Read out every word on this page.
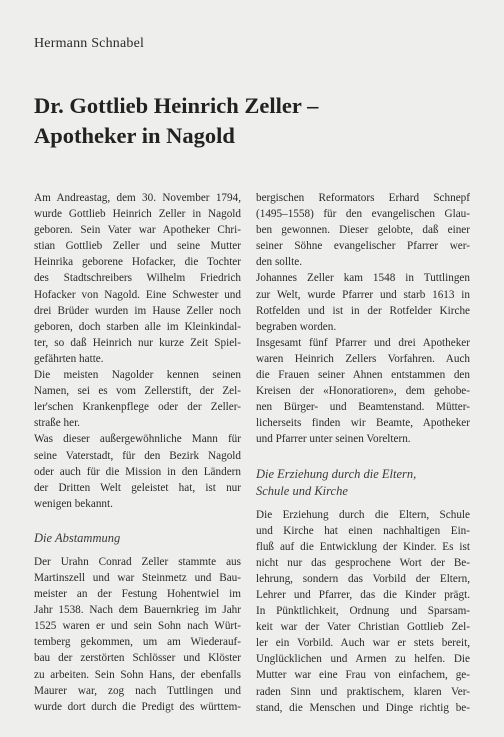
Hermann Schnabel
Dr. Gottlieb Heinrich Zeller –
Apotheker in Nagold
Am Andreastag, dem 30. November 1794,
wurde Gottlieb Heinrich Zeller in Nagold
geboren. Sein Vater war Apotheker Chri-
stian Gottlieb Zeller und seine Mutter
Heinrika geborene Hofacker, die Tochter
des Stadtschreibers Wilhelm Friedrich
Hofacker von Nagold. Eine Schwester und
drei Brüder wurden im Hause Zeller noch
geboren, doch starben alle im Kleinkindal-
ter, so daß Heinrich nur kurze Zeit Spiel-
gefährten hatte.
Die meisten Nagolder kennen seinen
Namen, sei es vom Zellerstift, der Zel-
ler'schen Krankenpflege oder der Zeller-
straße her.
Was dieser außergewöhnliche Mann für
seine Vaterstadt, für den Bezirk Nagold
oder auch für die Mission in den Ländern
der Dritten Welt geleistet hat, ist nur
wenigen bekannt.
Die Abstammung
Der Urahn Conrad Zeller stammte aus
Martinszell und war Steinmetz und Bau-
meister an der Festung Hohentwiel im
Jahr 1538. Nach dem Bauernkrieg im Jahr
1525 waren er und sein Sohn nach Würt-
temberg gekommen, um am Wiederauf-
bau der zerstörten Schlösser und Klöster
zu arbeiten. Sein Sohn Hans, der ebenfalls
Maurer war, zog nach Tuttlingen und
wurde dort durch die Predigt des württem-
bergischen Reformators Erhard Schnepf
(1495–1558) für den evangelischen Glau-
ben gewonnen. Dieser gelobte, daß einer
seiner Söhne evangelischer Pfarrer wer-
den sollte.
Johannes Zeller kam 1548 in Tuttlingen
zur Welt, wurde Pfarrer und starb 1613 in
Rotfelden und ist in der Rotfelder Kirche
begraben worden.
Insgesamt fünf Pfarrer und drei Apotheker
waren Heinrich Zellers Vorfahren. Auch
die Frauen seiner Ahnen entstammen den
Kreisen der «Honoratioren», dem gehobe-
nen Bürger- und Beamtenstand. Mütter-
licherseits finden wir Beamte, Apotheker
und Pfarrer unter seinen Voreltern.
Die Erziehung durch die Eltern,
Schule und Kirche
Die Erziehung durch die Eltern, Schule
und Kirche hat einen nachhaltigen Ein-
fluß auf die Entwicklung der Kinder. Es ist
nicht nur das gesprochene Wort der Be-
lehrung, sondern das Vorbild der Eltern,
Lehrer und Pfarrer, das die Kinder prägt.
In Pünktlichkeit, Ordnung und Sparsam-
keit war der Vater Christian Gottlieb Zel-
ler ein Vorbild. Auch war er stets bereit,
Unglücklichen und Armen zu helfen. Die
Mutter war eine Frau von einfachem, ge-
raden Sinn und praktischem, klaren Ver-
stand, die Menschen und Dinge richtig be-
